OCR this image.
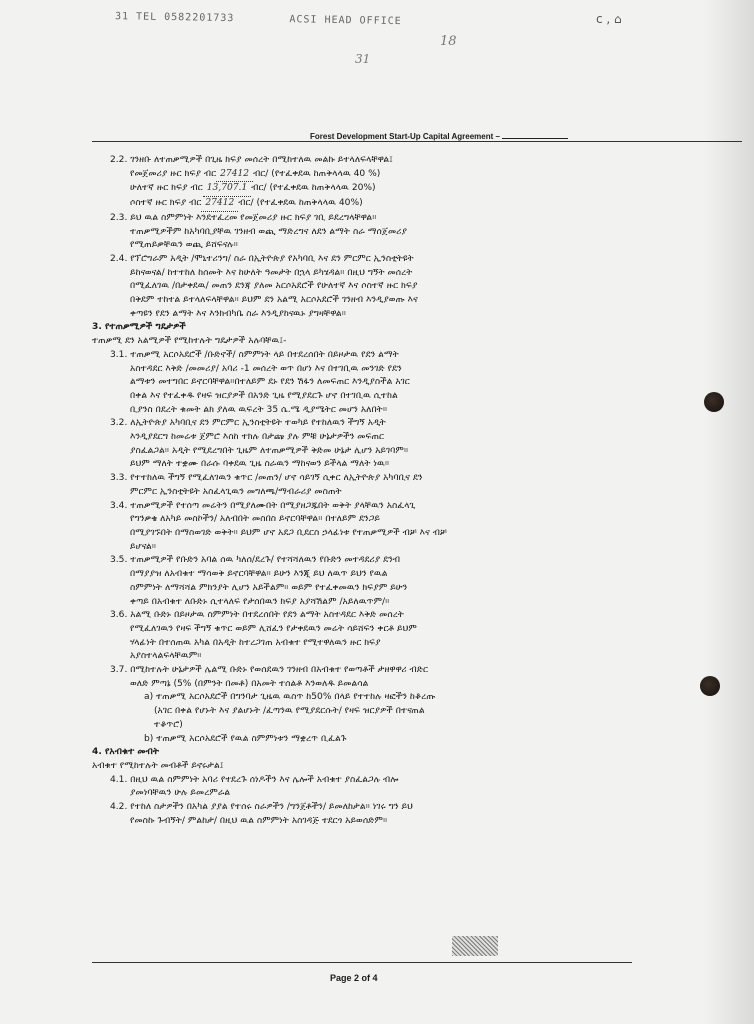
31 TEL 0582201733	ACSI HEAD OFFICE
18
31
ⅽ , ⌂
Forest Development Start-Up Capital Agreement –
2.2. ገንዘቡ ለተጠቃሚዎች በጊዜ ክፍያ መሰረት በሚከተለዉ መልኩ ይተላለፍላቸዋል፤
የመጀመሪያ ዙር ክፍያ ብር 27412 ብር/ (የተፈቀደዉ ከጠቅላላዉ 40 %)
ሁለተኛ ዙር ክፍያ ብር 13,707.1 ብር/ (የተፈቀደዉ ከጠቅላላዉ 20%)
ሶስተኛ ዙር ክፍያ ብር 27412 ብር/ (የተፈቀደዉ ከጠቅላላዉ 40%)
2.3. ይህ ዉል ስምምነት እንደተፈረመ የመጀመሪያ ዙር ክፍያ ገቢ ይደረግላቸዋል።
ተጠቃሚዎችም ከአካባቢያቸዉ ገንዘብ ወጪ ማድረግና ለደን ልማት ስራ ማሰጀመሪያ
የሚጠይቃቸዉን ወጪ ይሸፍናሉ።
2.4. የፕሮግራም አዲት /ሞኒተሪንግ/ ስራ በኢትዮጵያ የአካባቢ እና ደን ምርምር ኢንስቲትዩት
ይከናወናል/ ከተተከለ ከሰመት እና ከሁለት ዓመታት በኋላ ይካሄዳል። በዚህ ግኝት መሰረት
በሚፈለገዉ /በታቀደዉ/ መጠን ደንጃ ያለመ አርሶአደሮች የሁለተኛ እና ሶስተኛ ዙር ክፍያ
በቅደም ተከተል ይተላለፍላቸዋል። ይህም ደን አልሚ አርሶአደሮች ገንዘብ እንዲያወጡ እና
ቀጣዩን የደን ልማት እና እንክብካቤ ስራ እንዲያከናዉኑ ያግዛቸዋል።
3. የተጠቃሚዎች ግዴታዎች
ተጠቃሚ ደን አልሚዎች የሚከተሉት ግዴታዎች አሉባቸዉ፤-
3.1. ተጠቃሚ አርሶአደሮች /ቡድኖች/ ስምምነት ላይ በተደረሰበት በይዞታዉ የደን ልማት
አስተዳደር እቅድ /መመሪያ/ አባሪ -1 መሰረት ወጥ በሆነ እና በተገቢዉ መንገድ የደን
ልማቱን መተግበር ይኖርባቸዋል።በተለይም ደኑ የደን ሽፋን ለመፍጠር እንዲያስችል አገር
በቀል እና የተፈቀዱ የዛፍ ዝርያዎች በአንድ ጊዜ የሚያደርጉ ሆኖ በተገቢዉ ሲተከል
ቢያንስ በደረት ቁመት ልክ ያለዉ ዉፍረት 35 ሴ.ሜ ዲያሜትር መሆን አለበት።
3.2. ለኢትዮጵያ አካባቢና ደን ምርምር ኢንስቲትዩት ተወካይ የተከለዉን ችግኝ አዲት
እንዲያደርግ ከመሬቱ ጀምሮ እስከ ተክሉ በታጩ ያሉ ምቹ ሁኔታዎችን መፍጠር
ያስፈልጋል። አዲት የሚደረግበት ጊዜም ለተጠቃሚዎች ቅድመ ሁኔታ ሊሆን አይገባም።
ይህም ማለት ተቋሙ በራሱ ባቀደዉ ጊዜ ስራዉን ማከናወን ይችላል ማለት ነዉ።
3.3. የተተከለዉ ችግኝ የሚፈለገዉን ቁጥር /መጠን/ ሆኖ ሳይገኝ ሲቀር ለኢትዮጵያ አካባቢና ደን
ምርምር ኢንስቲትዩት አስፈላጊዉን መግለጫ/ማብራሪያ መስጠት
3.4. ተጠቃሚዎች የተሰጣ መሬትን በሚያለሙበት በሚያዘጋጁበት ወቅት ያላቸዉን አስፈላጊ
የግንቃቄ ለአካይ መስኮችን/ አለብበት መስበስ ይኖርባቸዋል። በተለይም ደንጋይ
በሚያገኙበት በማስወገድ ወቅት። ይህም ሆኖ አደጋ ቢደርስ ኃላፊነቱ የተጠቃሚዎች ብቻ እና ብቻ
ይሆናል።
3.5. ተጠቃሚዎች የቡድን አባል ሰዉ ካለሰ/ደረጉ/ የተሻሻለዉን የቡድን መተዳደሪያ ደንብ
በማያያዝ ለአብቁተ ማሳወቅ ይኖርባቸዋል። ይሁን እንጂ ይህ ለዉጥ ይህን የዉል
ስምምነት ለማሻሻል ምክንያት ሊሆን አይችልም። ወይም የተፈቀመዉን ክፍያም ይሁን
ቀጣይ በአብቁተ ለቡድኑ ሲተላለፍ የታሰበዉን ክፍያ አያሻሽልም /አይለዉጥም/።
3.6. አልሚ ቡድኑ በይዞታዉ ስምምነት በተደረሰበት የደን ልማት አስተዳደር እቅድ መሰረት
የሚፈለገዉን የዛፍ ችግኝ ቁጥር ወይም ሊሸፈን የታቀደዉን መሬት ሳይሸፍን ቀርቶ ይህም
ሃላፊነት በተሰጠዉ አካል በአዲት ከተረጋገጠ አብቁተ የሚተዋለዉን ዙር ክፍያ
አያስተላልፍላቸዉም።
3.7. በሚከተሉት ሁኔታዎች ሌልሚ ቡድኑ የወሰደዉን ገንዘብ በአብቁተ የወጣቶች ታዘዋዋሪ ብድር
ወለድ ምጣኔ (5% (በምንት በመቶ) በአመት ተሰልቶ እንወለዱ ይመልሳል
a) ተጠቃሚ አርሶአደሮች በግንባታ ጊዜዉ ዉስጥ ከ50% በላይ የተተከሉ ዛፎችን ከቆረጡ
(አገር በቀል የሆኑት እና ያልሆኑት /ፈጣንዉ የሚያደርሱት/ የዛፍ ዝርያዎች በተናጠል
ተቆጥሮ)
b) ተጠቃሚ አርሶአደሮች የዉል ስምምነቱን ማቋረጥ ቢፈልጉ
4. የአብቁተ መብት
አብቁተ የሚከተሉት መብቶች ይኖሩታል፤
4.1. በዚህ ዉል ስምምነት አባሪ የተደረጉ ሰነዶችን እና ሌሎች አብቁተ ያስፈልጋሉ ብሎ
ያመነባቸዉን ሁሉ ይመረምራል
4.2. የተከለ ስታዎችን በአካል ያያል የተሰሩ ስራዎችን /ግንጀቶችን/ ይመለከታል። ነገሩ ግን ይህ
የመስኩ ጉብኝት/ ምልከታ/ በዚህ ዉል ስምምነት አስገዳጅ ተደርጎ አይወሰድም።
Page 2 of 4
